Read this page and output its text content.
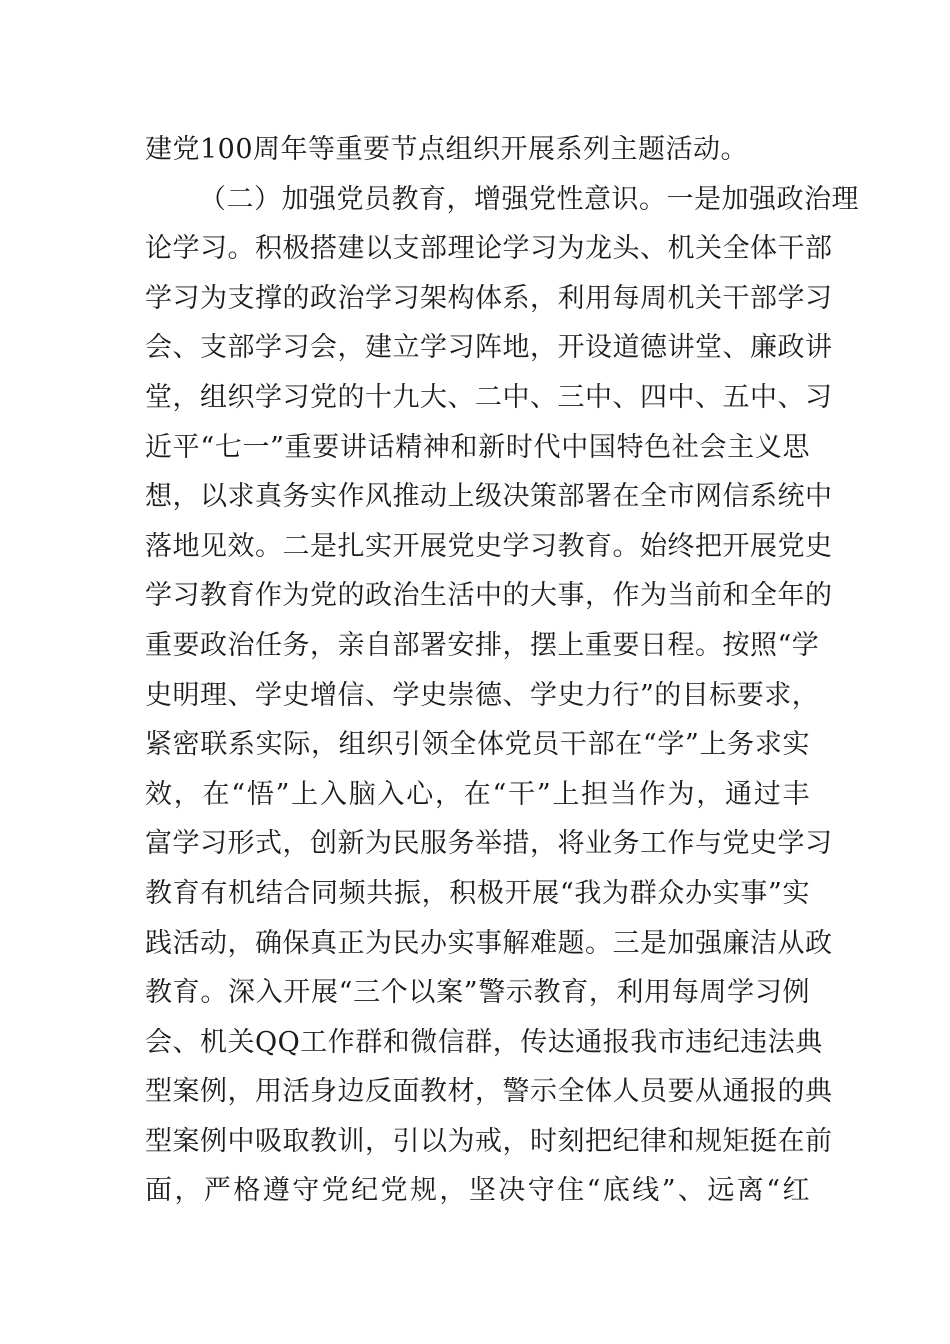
建党100周年等重要节点组织开展系列主题活动。
（二）加强党员教育，增强党性意识。一是加强政治理
论学习。积极搭建以支部理论学习为龙头、机关全体干部
学习为支撑的政治学习架构体系，利用每周机关干部学习
会、支部学习会，建立学习阵地，开设道德讲堂、廉政讲
堂，组织学习党的十九大、二中、三中、四中、五中、习
近平“七一”重要讲话精神和新时代中国特色社会主义思
想，以求真务实作风推动上级决策部署在全市网信系统中
落地见效。二是扎实开展党史学习教育。始终把开展党史
学习教育作为党的政治生活中的大事，作为当前和全年的
重要政治任务，亲自部署安排，摆上重要日程。按照“学
史明理、学史增信、学史崇德、学史力行”的目标要求，
紧密联系实际，组织引领全体党员干部在“学”上务求实
效，在“悟”上入脑入心，在“干”上担当作为，通过丰
富学习形式，创新为民服务举措，将业务工作与党史学习
教育有机结合同频共振，积极开展“我为群众办实事”实
践活动，确保真正为民办实事解难题。三是加强廉洁从政
教育。深入开展“三个以案”警示教育，利用每周学习例
会、机关QQ工作群和微信群，传达通报我市违纪违法典
型案例，用活身边反面教材，警示全体人员要从通报的典
型案例中吸取教训，引以为戒，时刻把纪律和规矩挺在前
面，严格遵守党纪党规，坚决守住“底线”、远离“红
